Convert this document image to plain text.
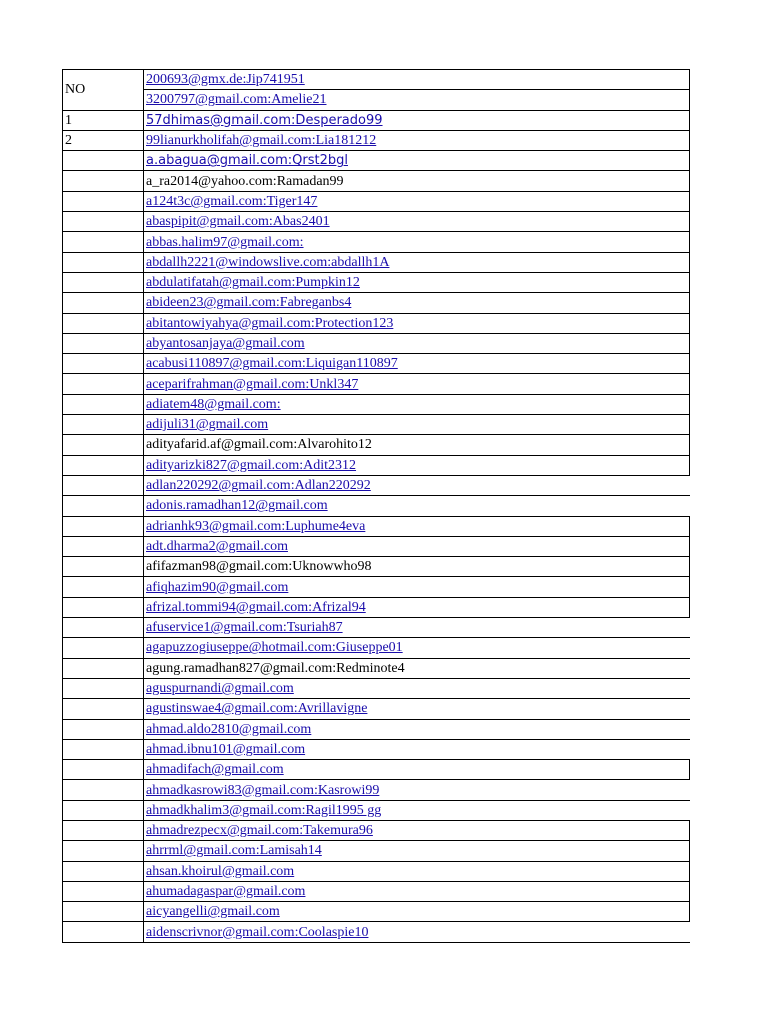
NO	200693@gmx.de:Jip741951
	3200797@gmail.com:Amelie21
1	57dhimas@gmail.com:Desperado99
2	99lianurkholifah@gmail.com:Lia181212
	a.abagua@gmail.com:Qrst2bgl
	a_ra2014@yahoo.com:Ramadan99
	a124t3c@gmail.com:Tiger147
	abaspipit@gmail.com:Abas2401
	abbas.halim97@gmail.com:
	abdallh2221@windowslive.com:abdallh1A
	abdulatifatah@gmail.com:Pumpkin12
	abideen23@gmail.com:Fabreganbs4
	abitantowiyahya@gmail.com:Protection123
	abyantosanjaya@gmail.com
	acabusi110897@gmail.com:Liquigan110897
	aceparifrahman@gmail.com:Unkl347
	adiatem48@gmail.com:
	adijuli31@gmail.com
	adityafarid.af@gmail.com:Alvarohito12
	adityarizki827@gmail.com:Adit2312
	adlan220292@gmail.com:Adlan220292
	adonis.ramadhan12@gmail.com
	adrianhk93@gmail.com:Luphume4eva
	adt.dharma2@gmail.com
	afifazman98@gmail.com:Uknowwho98
	afiqhazim90@gmail.com
	afrizal.tommi94@gmail.com:Afrizal94
	afuservice1@gmail.com:Tsuriah87
	agapuzzogiuseppe@hotmail.com:Giuseppe01
	agung.ramadhan827@gmail.com:Redminote4
	aguspurnandi@gmail.com
	agustinswae4@gmail.com:Avrillavigne
	ahmad.aldo2810@gmail.com
	ahmad.ibnu101@gmail.com
	ahmadifach@gmail.com
	ahmadkasrowi83@gmail.com:Kasrowi99
	ahmadkhalim3@gmail.com:Ragil1995 gg
	ahmadrezpecx@gmail.com:Takemura96
	ahrrml@gmail.com:Lamisah14
	ahsan.khoirul@gmail.com
	ahumadagaspar@gmail.com
	aicyangelli@gmail.com
	aidenscrivnor@gmail.com:Coolaspie10
